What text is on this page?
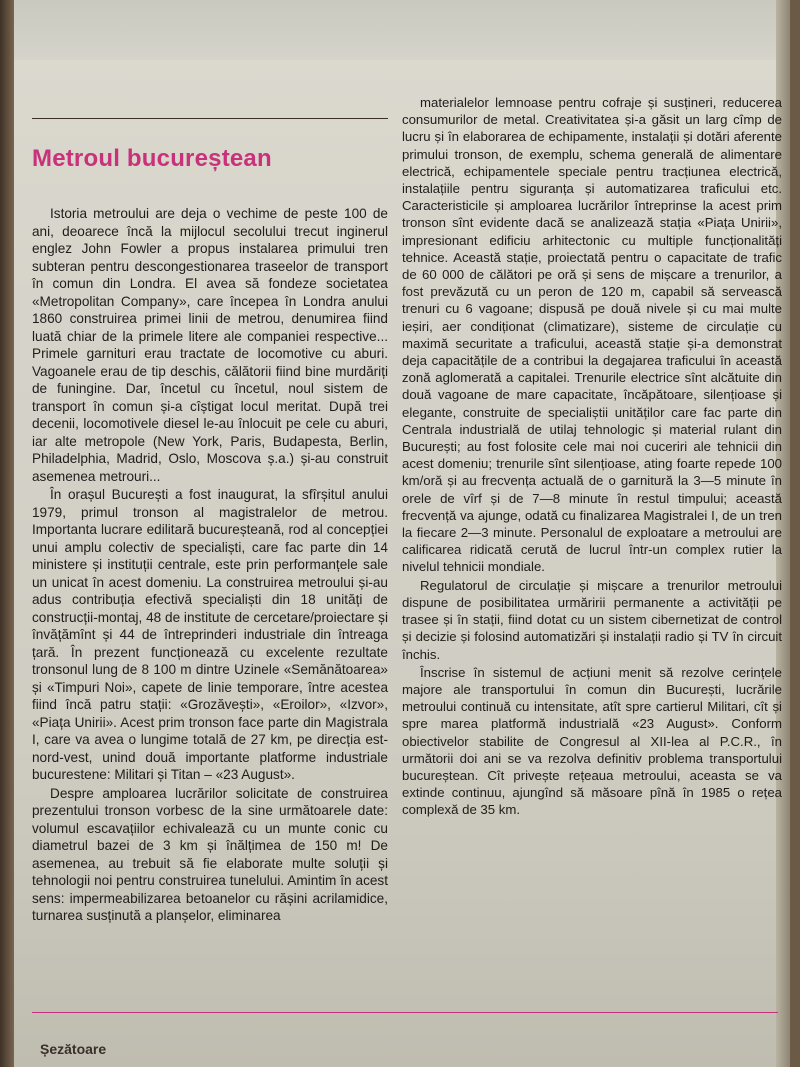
Metroul bucureștean

Istoria metroului are deja o vechime de peste 100 de ani, deoarece încă la mijlocul secolului trecut inginerul englez John Fowler a propus instalarea primului tren subteran pentru descongestionarea traseelor de transport în comun din Londra. El avea să fondeze societatea «Metropolitan Company», care începea în Londra anului 1860 construirea primei linii de metrou, denumirea fiind luată chiar de la primele litere ale companiei respective... Primele garnituri erau tractate de locomotive cu aburi. Vagoanele erau de tip deschis, călătorii fiind bine murdăriți de funingine. Dar, încetul cu încetul, noul sistem de transport în comun și-a cîștigat locul meritat. După trei decenii, locomotivele diesel le-au înlocuit pe cele cu aburi, iar alte metropole (New York, Paris, Budapesta, Berlin, Philadelphia, Madrid, Oslo, Moscova ș.a.) și-au construit asemenea metrouri...

În orașul București a fost inaugurat, la sfîrșitul anului 1979, primul tronson al magistralelor de metrou. Importanta lucrare edilitară bucureșteană, rod al concepției unui amplu colectiv de specialiști, care fac parte din 14 ministere și instituții centrale, este prin performanțele sale un unicat în acest domeniu. La construirea metroului și-au adus contribuția efectivă specialiști din 18 unități de construcții-montaj, 48 de institute de cercetare/proiectare și învățămînt și 44 de întreprinderi industriale din întreaga țară. În prezent funcționează cu excelente rezultate tronsonul lung de 8 100 m dintre Uzinele «Semănătoarea» și «Timpuri Noi», capete de linie temporare, între acestea fiind încă patru stații: «Grozăvești», «Eroilor», «Izvor», «Piața Unirii». Acest prim tronson face parte din Magistrala I, care va avea o lungime totală de 27 km, pe direcția est-nord-vest, unind două importante platforme industriale bucurestene: Militari și Titan – «23 August».

Despre amploarea lucrărilor solicitate de construirea prezentului tronson vorbesc de la sine următoarele date: volumul escavațiilor echivalează cu un munte conic cu diametrul bazei de 3 km și înălțimea de 150 m! De asemenea, au trebuit să fie elaborate multe soluții și tehnologii noi pentru construirea tunelului. Amintim în acest sens: impermeabilizarea betoanelor cu rășini acrilamidice, turnarea susținută a planșelor, eliminarea

materialelor lemnoase pentru cofraje și susțineri, reducerea consumurilor de metal. Creativitatea și-a găsit un larg cîmp de lucru și în elaborarea de echipamente, instalații și dotări aferente primului tronson, de exemplu, schema generală de alimentare electrică, echipamentele speciale pentru tracțiunea electrică, instalațiile pentru siguranța și automatizarea traficului etc. Caracteristicile și amploarea lucrărilor întreprinse la acest prim tronson sînt evidente dacă se analizează stația «Piața Unirii», impresionant edificiu arhitectonic cu multiple funcționalități tehnice. Această stație, proiectată pentru o capacitate de trafic de 60 000 de călători pe oră și sens de mișcare a trenurilor, a fost prevăzută cu un peron de 120 m, capabil să servească trenuri cu 6 vagoane; dispusă pe două nivele și cu mai multe ieșiri, aer condiționat (climatizare), sisteme de circulație cu maximă securitate a traficului, această stație și-a demonstrat deja capacitățile de a contribui la degajarea traficului în această zonă aglomerată a capitalei. Trenurile electrice sînt alcătuite din două vagoane de mare capacitate, încăpătoare, silențioase și elegante, construite de specialiștii unităților care fac parte din Centrala industrială de utilaj tehnologic și material rulant din București; au fost folosite cele mai noi cuceriri ale tehnicii din acest domeniu; trenurile sînt silențioase, ating foarte repede 100 km/oră și au frecvența actuală de o garnitură la 3—5 minute în orele de vîrf și de 7—8 minute în restul timpului; această frecvență va ajunge, odată cu finalizarea Magistralei I, de un tren la fiecare 2—3 minute. Personalul de exploatare a metroului are calificarea ridicată cerută de lucrul într-un complex rutier la nivelul tehnicii mondiale.

Regulatorul de circulație și mișcare a trenurilor metroului dispune de posibilitatea urmăririi permanente a activității pe trasee și în stații, fiind dotat cu un sistem cibernetizat de control și decizie și folosind automatizări și instalații radio și TV în circuit închis.

Înscrise în sistemul de acțiuni menit să rezolve cerințele majore ale transportului în comun din București, lucrările metroului continuă cu intensitate, atît spre cartierul Militari, cît și spre marea platformă industrială «23 August». Conform obiectivelor stabilite de Congresul al XII-lea al P.C.R., în următorii doi ani se va rezolva definitiv problema transportului bucureștean. Cît privește rețeaua metroului, aceasta se va extinde continuu, ajungînd să măsoare pînă în 1985 o rețea complexă de 35 km.

Șezătoare
